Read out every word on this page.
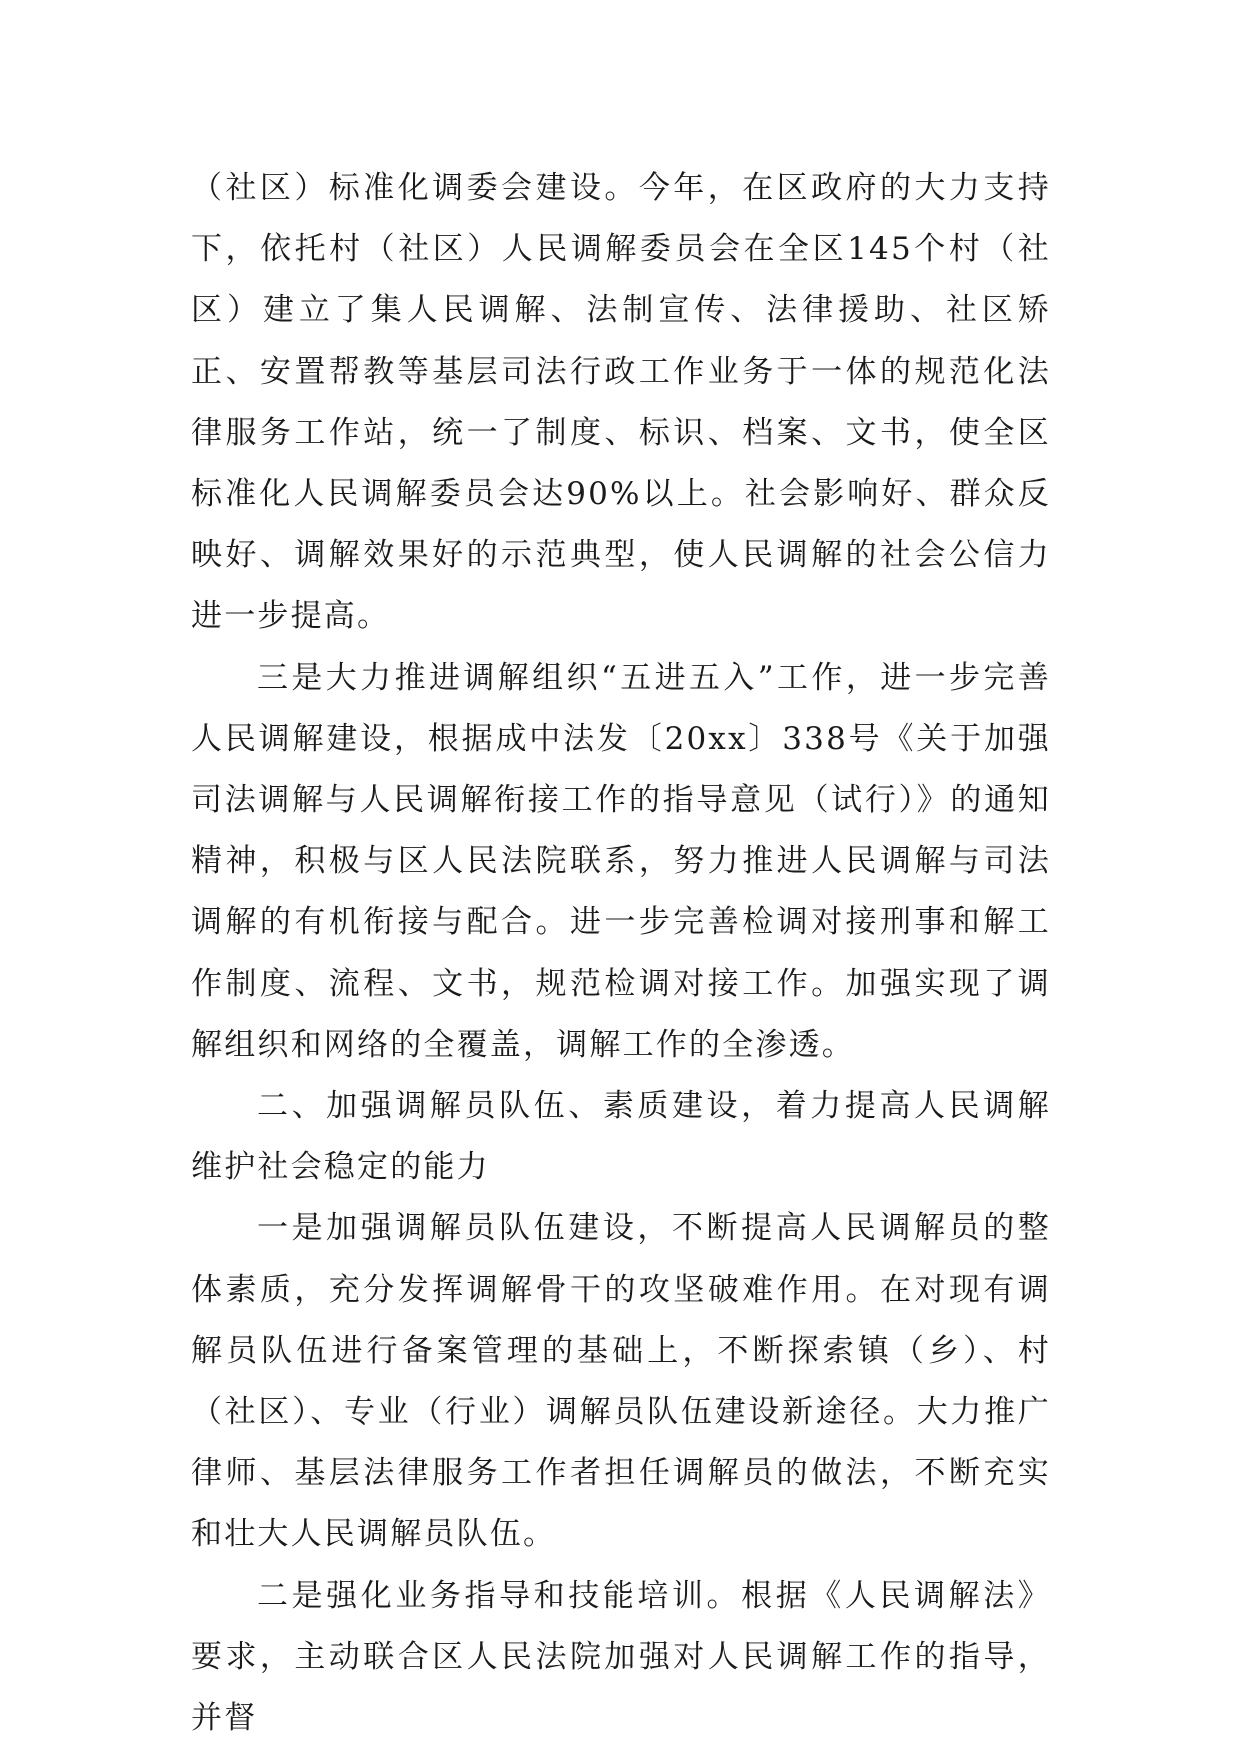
（社区）标准化调委会建设。今年，在区政府的大力支持下，依托村（社区）人民调解委员会在全区145个村（社区）建立了集人民调解、法制宣传、法律援助、社区矫正、安置帮教等基层司法行政工作业务于一体的规范化法律服务工作站，统一了制度、标识、档案、文书，使全区标准化人民调解委员会达90%以上。社会影响好、群众反映好、调解效果好的示范典型，使人民调解的社会公信力进一步提高。

三是大力推进调解组织“五进五入”工作，进一步完善人民调解建设，根据成中法发〔20xx〕338号《关于加强司法调解与人民调解衔接工作的指导意见（试行）》的通知精神，积极与区人民法院联系，努力推进人民调解与司法调解的有机衔接与配合。进一步完善检调对接刑事和解工作制度、流程、文书，规范检调对接工作。加强实现了调解组织和网络的全覆盖，调解工作的全渗透。

二、加强调解员队伍、素质建设，着力提高人民调解维护社会稳定的能力

一是加强调解员队伍建设，不断提高人民调解员的整体素质，充分发挥调解骨干的攻坚破难作用。在对现有调解员队伍进行备案管理的基础上，不断探索镇（乡）、村（社区）、专业（行业）调解员队伍建设新途径。大力推广律师、基层法律服务工作者担任调解员的做法，不断充实和壮大人民调解员队伍。

二是强化业务指导和技能培训。根据《人民调解法》要求，主动联合区人民法院加强对人民调解工作的指导，并督
